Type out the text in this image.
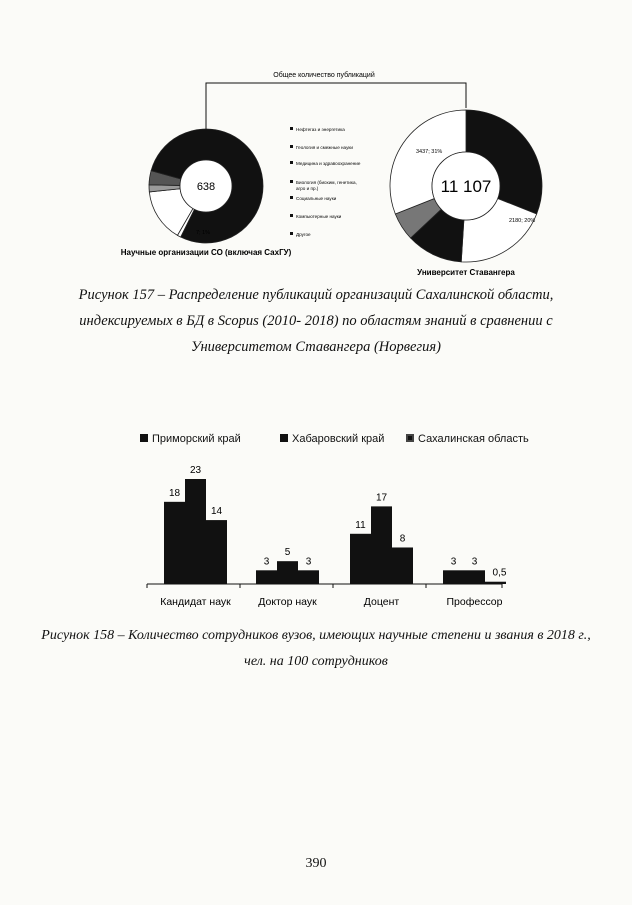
Общее количество публикаций
7; 1%
638
2180; 20%
3437; 31%
11 107
Нефтегаз и энергетика
Геология и смежные науки
Медицина и здравоохранение
Биология (биохим, генетика,
агро и пр.)
Социальные науки
Компьютерные науки
Другое
Научные организации СО (включая СахГУ)
Университет Ставангера
Рисунок 157 – Распределение публикаций организаций Сахалинской области, индексируемых в БД в Scopus (2010- 2018) по областям знаний в сравнении с Университетом Ставангера (Норвегия)
Приморский край	Хабаровский край	Сахалинская область
18
23
14
Кандидат наук
3
5
3
Доктор наук
11
17
8
Доцент
3 3
0,5
Профессор
Рисунок 158 – Количество сотрудников вузов, имеющих научные степени и звания в 2018 г., чел. на 100 сотрудников
390
